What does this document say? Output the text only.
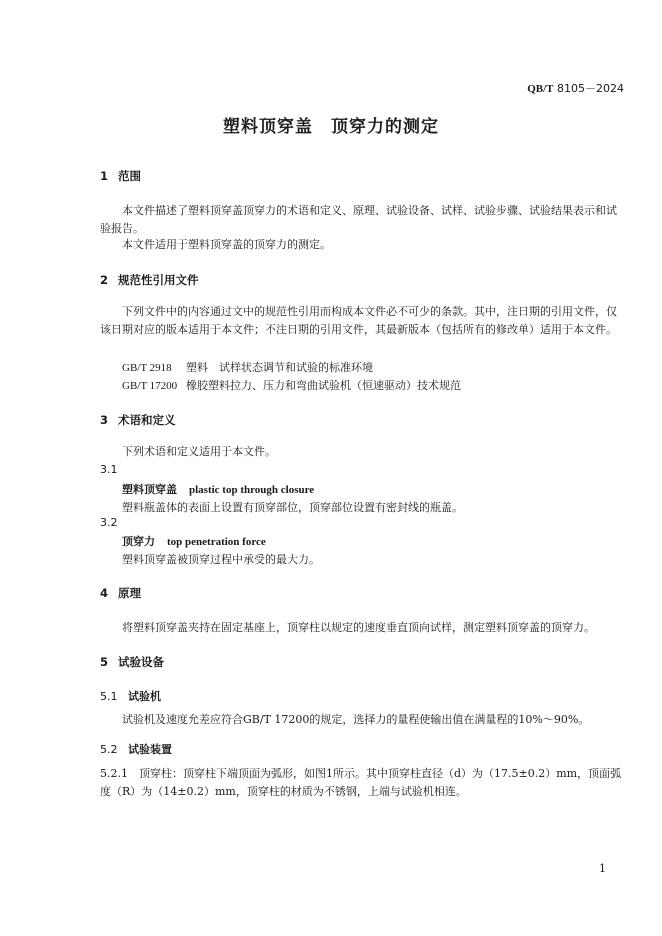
QB/T 8105－2024
塑料顶穿盖　顶穿力的测定
1 范围
本文件描述了塑料顶穿盖顶穿力的术语和定义、原理、试验设备、试样、试验步骤、试验结果表示和试验报告。
本文件适用于塑料顶穿盖的顶穿力的测定。
2 规范性引用文件
下列文件中的内容通过文中的规范性引用而构成本文件必不可少的条款。其中，注日期的引用文件，仅该日期对应的版本适用于本文件；不注日期的引用文件，其最新版本（包括所有的修改单）适用于本文件。
GB/T 2918 塑料　试样状态调节和试验的标准环境
GB/T 17200 橡胶塑料拉力、压力和弯曲试验机（恒速驱动）技术规范
3 术语和定义
下列术语和定义适用于本文件。
3.1
塑料顶穿盖 plastic top through closure
塑料瓶盖体的表面上设置有顶穿部位，顶穿部位设置有密封线的瓶盖。
3.2
顶穿力 top penetration force
塑料顶穿盖被顶穿过程中承受的最大力。
4 原理
将塑料顶穿盖夹持在固定基座上，顶穿柱以规定的速度垂直顶向试样，测定塑料顶穿盖的顶穿力。
5 试验设备
5.1 试验机
试验机及速度允差应符合GB/T 17200的规定，选择力的量程使输出值在满量程的10%～90%。
5.2 试验装置
5.2.1　顶穿柱：顶穿柱下端顶面为弧形，如图1所示。其中顶穿柱直径（d）为（17.5±0.2）mm，顶面弧度（R）为（14±0.2）mm，顶穿柱的材质为不锈钢，上端与试验机相连。
1
